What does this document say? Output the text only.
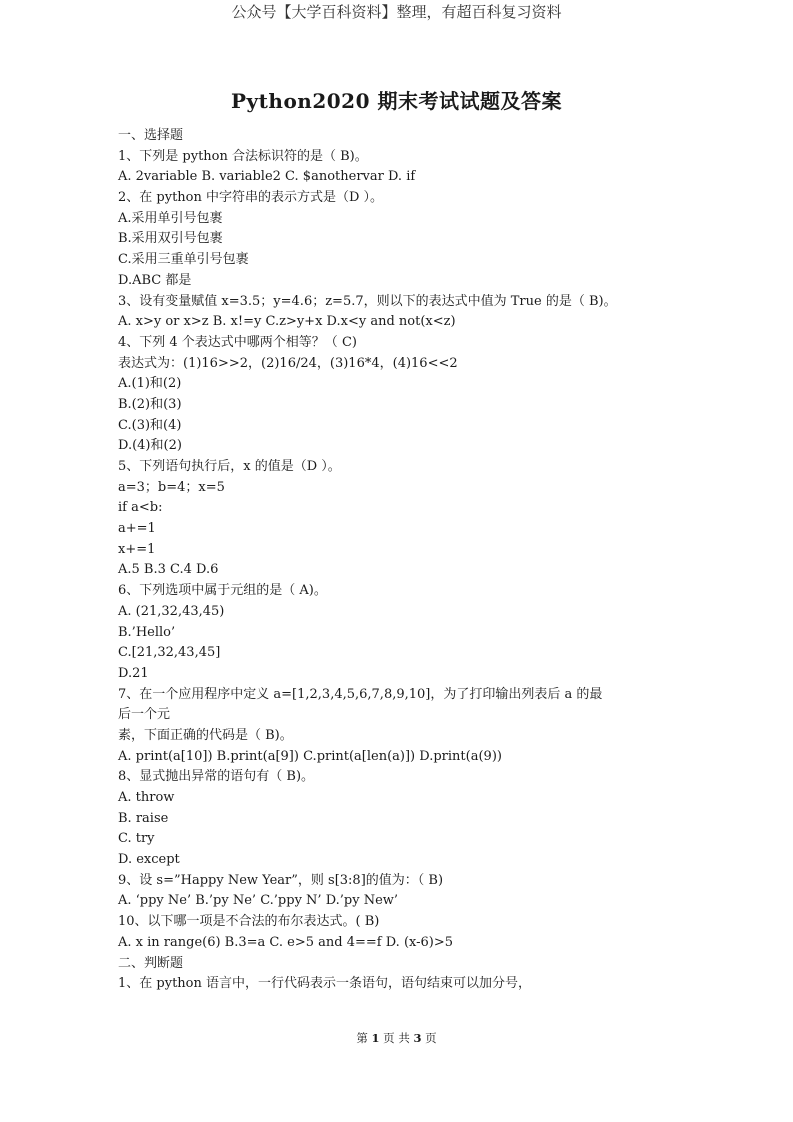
公众号【大学百科资料】整理，有超百科复习资料
Python2020 期末考试试题及答案
一、选择题
1、下列是 python 合法标识符的是（ B)。
A. 2variable B. variable2 C. $anothervar D. if
2、在 python 中字符串的表示方式是（D ）。
A.采用单引号包裹
B.采用双引号包裹
C.采用三重单引号包裹
D.ABC 都是
3、设有变量赋值 x=3.5；y=4.6；z=5.7，则以下的表达式中值为 True 的是（ B)。
A. x>y or x>z B. x!=y C.z>y+x D.x<y and not(x<z)
4、下列 4 个表达式中哪两个相等？（ C)
表达式为：(1)16>>2，(2)16/24，(3)16*4，(4)16<<2
A.(1)和(2)
B.(2)和(3)
C.(3)和(4)
D.(4)和(2)
5、下列语句执行后，x 的值是（D ）。
a=3；b=4；x=5
if a<b:
a+=1
x+=1
A.5 B.3 C.4 D.6
6、下列选项中属于元组的是（ A)。
A. (21,32,43,45)
B.’Hello’
C.[21,32,43,45]
D.21
7、在一个应用程序中定义 a=[1,2,3,4,5,6,7,8,9,10]，为了打印输出列表后 a 的最
后一个元
素，下面正确的代码是（ B)。
A. print(a[10]) B.print(a[9]) C.print(a[len(a)]) D.print(a(9))
8、显式抛出异常的语句有（ B)。
A. throw
B. raise
C. try
D. except
9、设 s=”Happy New Year”，则 s[3:8]的值为：（ B)
A. ‘ppy Ne’ B.’py Ne’ C.’ppy N’ D.’py New’
10、以下哪一项是不合法的布尔表达式。( B)
A. x in range(6) B.3=a C. e>5 and 4==f D. (x-6)>5
二、判断题
1、在 python 语言中，一行代码表示一条语句，语句结束可以加分号，
第 1 页 共 3 页
